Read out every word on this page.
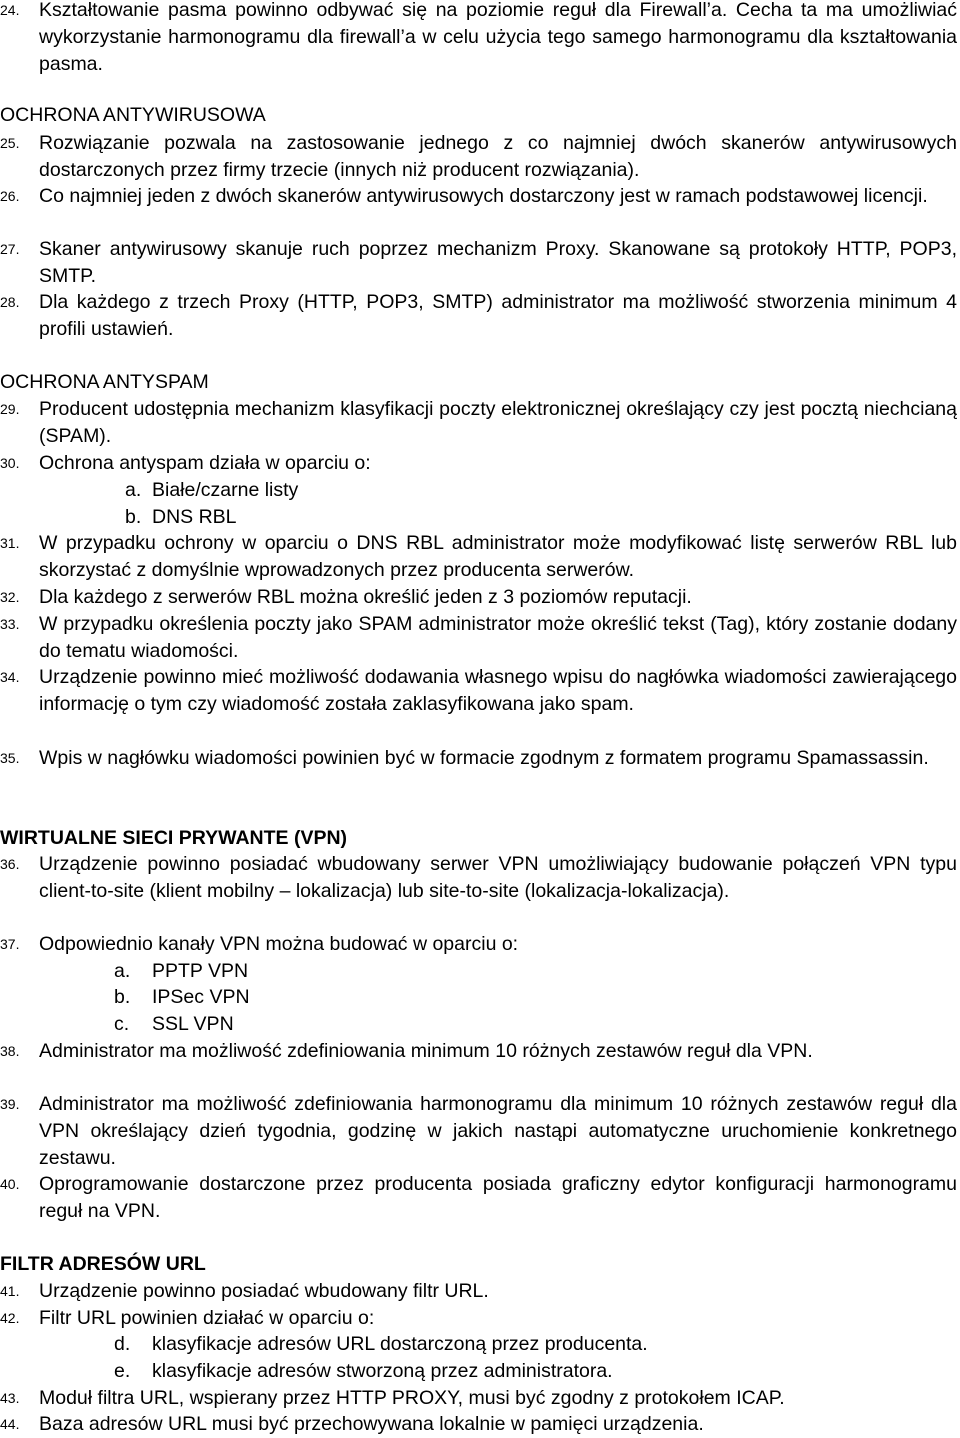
24.	Kształtowanie pasma powinno odbywać się na poziomie reguł dla Firewall’a. Cecha ta ma umożliwiać wykorzystanie harmonogramu dla firewall’a w celu użycia tego samego harmonogramu dla kształtowania pasma.
OCHRONA ANTYWIRUSOWA
25.	Rozwiązanie pozwala na zastosowanie jednego z co najmniej dwóch skanerów antywirusowych dostarczonych przez firmy trzecie (innych niż producent rozwiązania).
26.	Co najmniej jeden z dwóch skanerów antywirusowych dostarczony jest w ramach podstawowej licencji.
27.	Skaner antywirusowy skanuje ruch poprzez mechanizm Proxy. Skanowane są protokoły HTTP, POP3, SMTP.
28.	Dla każdego z trzech Proxy (HTTP, POP3, SMTP) administrator ma możliwość stworzenia minimum 4 profili ustawień.
OCHRONA ANTYSPAM
29.	Producent udostępnia mechanizm klasyfikacji poczty elektronicznej określający czy jest pocztą niechcianą (SPAM).
30.	Ochrona antyspam działa w oparciu o:
a. Białe/czarne listy
b. DNS RBL
31.	W przypadku ochrony w oparciu o DNS RBL administrator może modyfikować listę serwerów RBL lub skorzystać z domyślnie wprowadzonych przez producenta serwerów.
32.	Dla każdego z serwerów RBL można określić jeden z 3 poziomów reputacji.
33.	W przypadku określenia poczty jako SPAM administrator może określić tekst (Tag), który zostanie dodany do tematu wiadomości.
34.	Urządzenie powinno mieć możliwość dodawania własnego wpisu do nagłówka wiadomości zawierającego informację o tym czy wiadomość została zaklasyfikowana jako spam.
35.	Wpis w nagłówku wiadomości powinien być w formacie zgodnym z formatem programu Spamassassin.
WIRTUALNE SIECI PRYWANTE (VPN)
36.	Urządzenie powinno posiadać wbudowany serwer VPN umożliwiający budowanie połączeń VPN typu client-to-site (klient mobilny – lokalizacja) lub site-to-site (lokalizacja-lokalizacja).
37.	Odpowiednio kanały VPN można budować w oparciu o:
a. PPTP VPN
b. IPSec VPN
c. SSL VPN
38.	Administrator ma możliwość zdefiniowania minimum 10 różnych zestawów reguł dla VPN.
39.	Administrator ma możliwość zdefiniowania harmonogramu dla minimum 10 różnych zestawów reguł dla VPN określający dzień tygodnia, godzinę w jakich nastąpi automatyczne uruchomienie konkretnego zestawu.
40.	Oprogramowanie dostarczone przez producenta posiada graficzny edytor konfiguracji harmonogramu reguł na VPN.
FILTR ADRESÓW URL
41.	Urządzenie powinno posiadać wbudowany filtr URL.
42.	Filtr URL powinien działać w oparciu o:
d. klasyfikacje adresów URL dostarczoną przez producenta.
e. klasyfikacje adresów stworzoną przez administratora.
43.	Moduł filtra URL, wspierany przez HTTP PROXY, musi być zgodny z protokołem ICAP.
44.	Baza adresów URL musi być przechowywana lokalnie w pamięci urządzenia.
